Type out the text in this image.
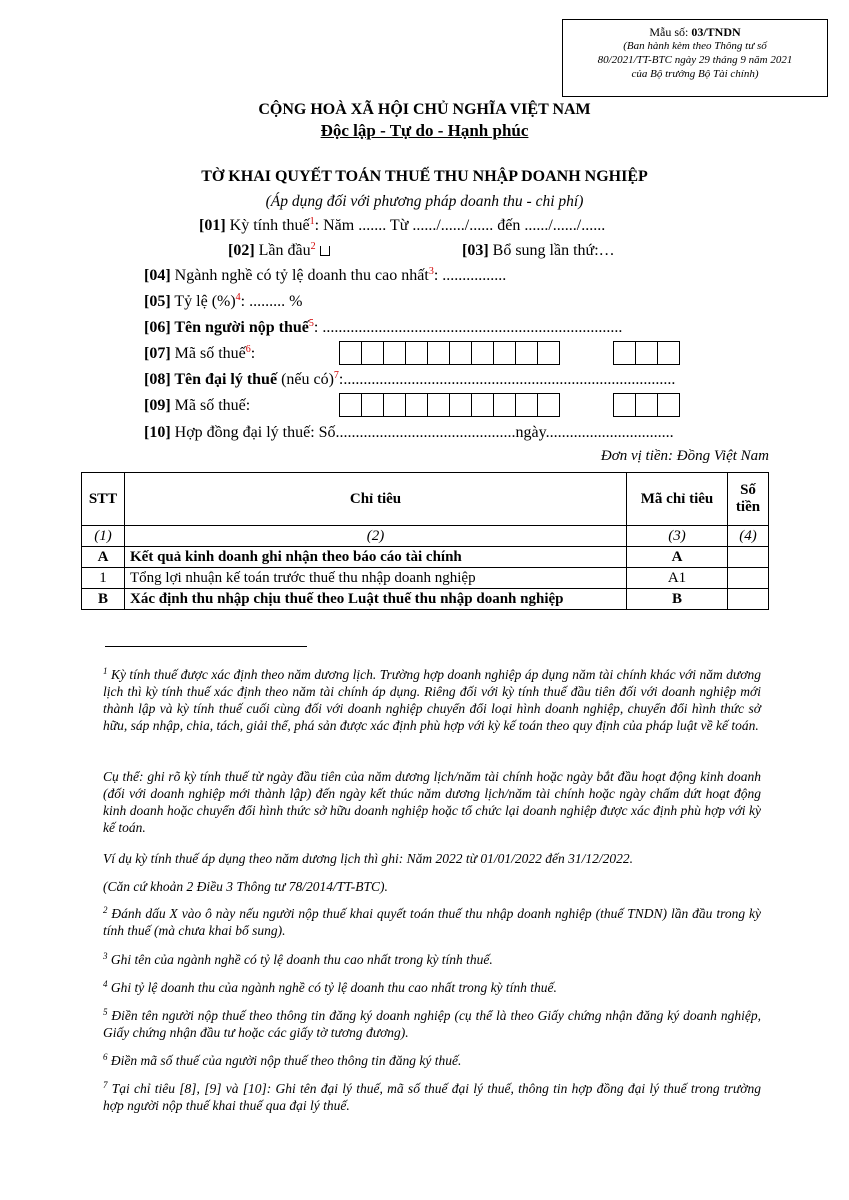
Mẫu số: 03/TNDN
(Ban hành kèm theo Thông tư số
80/2021/TT-BTC ngày 29 tháng 9 năm 2021
của Bộ trưởng Bộ Tài chính)
CỘNG HOÀ XÃ HỘI CHỦ NGHĨA VIỆT NAM
Độc lập - Tự do - Hạnh phúc
TỜ KHAI QUYẾT TOÁN THUẾ THU NHẬP DOANH NGHIỆP
(Áp dụng đối với phương pháp doanh thu - chi phí)
[01] Kỳ tính thuế$^1$: Năm ....... Từ ....../....../...... đến ....../....../......
[02] Lần đầu$^2$	[03] Bổ sung lần thứ:…
[04] Ngành nghề có tỷ lệ doanh thu cao nhất$^3$: ................
[05] Tỷ lệ (%)$^4$: ......... %
[06] Tên người nộp thuế$^5$: ...........................................................................
[07] Mã số thuế$^6$:
[08] Tên đại lý thuế (nếu có)$^7$:...................................................................................
[09] Mã số thuế:
[10] Hợp đồng đại lý thuế: Số.............................................ngày................................
Đơn vị tiền: Đồng Việt Nam
STT	Chỉ tiêu	Mã chỉ tiêu	Số tiền
(1)	(2)	(3)	(4)
A	Kết quả kinh doanh ghi nhận theo báo cáo tài chính	A	
1	Tổng lợi nhuận kế toán trước thuế thu nhập doanh nghiệp	A1	
B	Xác định thu nhập chịu thuế theo Luật thuế thu nhập doanh nghiệp	B	
$^1$ Kỳ tính thuế được xác định theo năm dương lịch. Trường hợp doanh nghiệp áp dụng năm tài chính khác với năm dương lịch thì kỳ tính thuế xác định theo năm tài chính áp dụng. Riêng đối với kỳ tính thuế đầu tiên đối với doanh nghiệp mới thành lập và kỳ tính thuế cuối cùng đối với doanh nghiệp chuyển đổi loại hình doanh nghiệp, chuyển đổi hình thức sở hữu, sáp nhập, chia, tách, giải thể, phá sản được xác định phù hợp với kỳ kế toán theo quy định của pháp luật về kế toán.
Cụ thể: ghi rõ kỳ tính thuế từ ngày đầu tiên của năm dương lịch/năm tài chính hoặc ngày bắt đầu hoạt động kinh doanh (đối với doanh nghiệp mới thành lập) đến ngày kết thúc năm dương lịch/năm tài chính hoặc ngày chấm dứt hoạt động kinh doanh hoặc chuyển đổi hình thức sở hữu doanh nghiệp hoặc tổ chức lại doanh nghiệp được xác định phù hợp với kỳ kế toán.
Ví dụ kỳ tính thuế áp dụng theo năm dương lịch thì ghi: Năm 2022 từ 01/01/2022 đến 31/12/2022.
(Căn cứ khoản 2 Điều 3 Thông tư 78/2014/TT-BTC).
$^2$ Đánh dấu X vào ô này nếu người nộp thuế khai quyết toán thuế thu nhập doanh nghiệp (thuế TNDN) lần đầu trong kỳ tính thuế (mà chưa khai bổ sung).
$^3$ Ghi tên của ngành nghề có tỷ lệ doanh thu cao nhất trong kỳ tính thuế.
$^4$ Ghi tỷ lệ doanh thu của ngành nghề có tỷ lệ doanh thu cao nhất trong kỳ tính thuế.
$^5$ Điền tên người nộp thuế theo thông tin đăng ký doanh nghiệp (cụ thể là theo Giấy chứng nhận đăng ký doanh nghiệp, Giấy chứng nhận đầu tư hoặc các giấy tờ tương đương).
$^6$ Điền mã số thuế của người nộp thuế theo thông tin đăng ký thuế.
$^7$ Tại chỉ tiêu [8], [9] và [10]: Ghi tên đại lý thuế, mã số thuế đại lý thuế, thông tin hợp đồng đại lý thuế trong trường hợp người nộp thuế khai thuế qua đại lý thuế.
